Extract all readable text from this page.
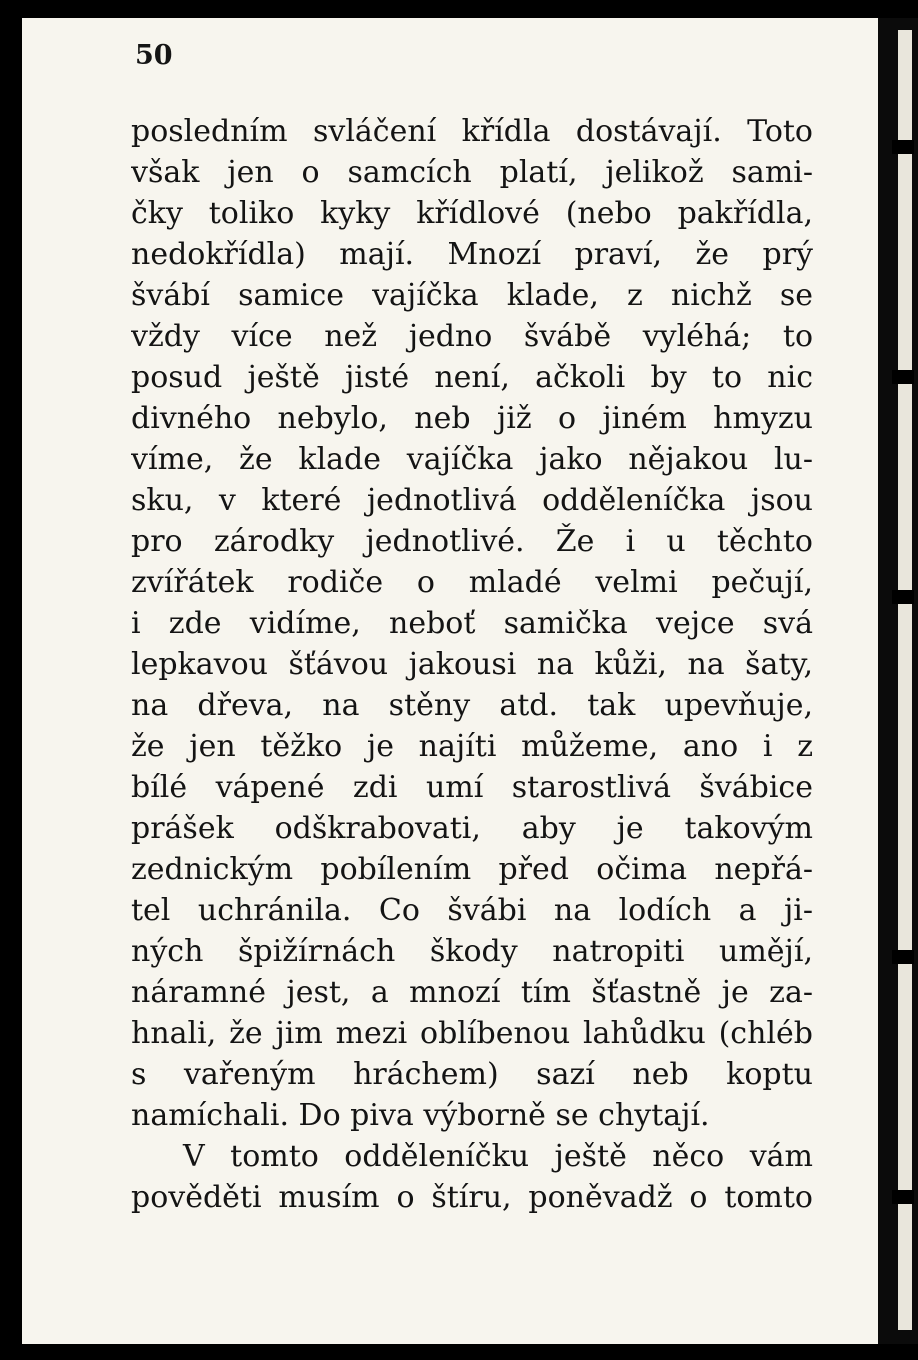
50
posledním svláčení křídla dostávají. Toto
však jen o samcích platí, jelikož sami-
čky toliko kyky křídlové (nebo pakřídla,
nedokřídla) mají. Mnozí praví, že prý
švábí samice vajíčka klade, z nichž se
vždy více než jedno švábě vyléhá; to
posud ještě jisté není, ačkoli by to nic
divného nebylo, neb již o jiném hmyzu
víme, že klade vajíčka jako nějakou lu-
sku, v které jednotlivá odděleníčka jsou
pro zárodky jednotlivé. Že i u těchto
zvířátek rodiče o mladé velmi pečují,
i zde vidíme, neboť samička vejce svá
lepkavou šťávou jakousi na kůži, na šaty,
na dřeva, na stěny atd. tak upevňuje,
že jen těžko je najíti můžeme, ano i z
bílé vápené zdi umí starostlivá švábice
prášek odškrabovati, aby je takovým
zednickým pobílením před očima nepřá-
tel uchránila. Co švábi na lodích a ji-
ných špižírnách škody natropiti umějí,
náramné jest, a mnozí tím šťastně je za-
hnali, že jim mezi oblíbenou lahůdku (chléb
s vařeným hráchem) sazí neb koptu
namíchali. Do piva výborně se chytají.
V tomto odděleníčku ještě něco vám
pověděti musím o štíru, poněvadž o tomto
